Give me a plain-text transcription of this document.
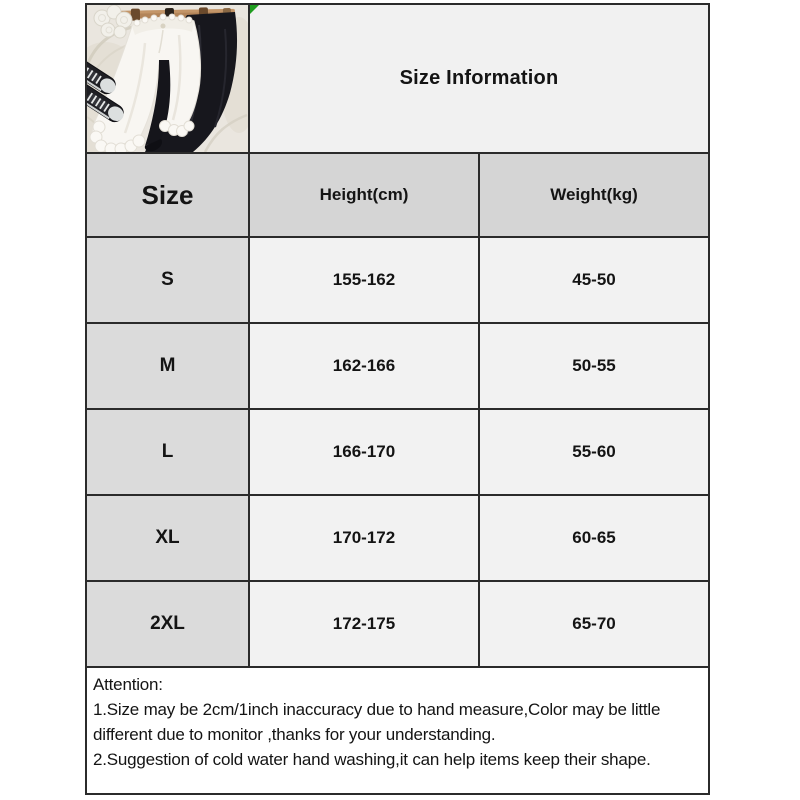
Size Information
Size	Height(cm)	Weight(kg)
S	155-162	45-50
M	162-166	50-55
L	166-170	55-60
XL	170-172	60-65
2XL	172-175	65-70
Attention:
1.Size may be 2cm/1inch inaccuracy due to hand measure,Color may be little
different due to monitor ,thanks for your understanding.
2.Suggestion of cold water hand washing,it can help items keep their shape.
